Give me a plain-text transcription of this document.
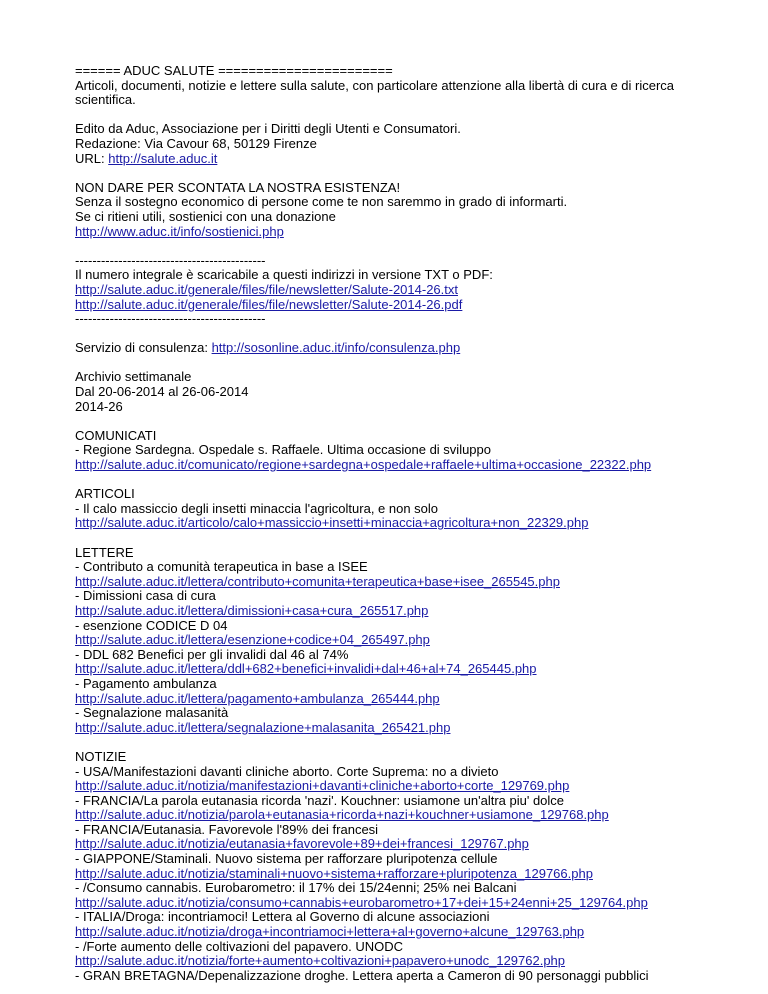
====== ADUC SALUTE =======================
Articoli, documenti, notizie e lettere sulla salute, con particolare attenzione alla libertà di cura e di ricerca scientifica.
Edito da Aduc, Associazione per i Diritti degli Utenti e Consumatori.
Redazione: Via Cavour 68, 50129 Firenze
URL: http://salute.aduc.it
NON DARE PER SCONTATA LA NOSTRA ESISTENZA!
Senza il sostegno economico di persone come te non saremmo in grado di informarti.
Se ci ritieni utili, sostienici con una donazione
http://www.aduc.it/info/sostienici.php
--------------------------------------------
Il numero integrale è scaricabile a questi indirizzi in versione TXT o PDF:
http://salute.aduc.it/generale/files/file/newsletter/Salute-2014-26.txt
http://salute.aduc.it/generale/files/file/newsletter/Salute-2014-26.pdf
--------------------------------------------
Servizio di consulenza: http://sosonline.aduc.it/info/consulenza.php
Archivio settimanale
Dal 20-06-2014 al 26-06-2014
2014-26
COMUNICATI
- Regione Sardegna. Ospedale s. Raffaele. Ultima occasione di sviluppo
http://salute.aduc.it/comunicato/regione+sardegna+ospedale+raffaele+ultima+occasione_22322.php
ARTICOLI
- Il calo massiccio degli insetti minaccia l'agricoltura, e non solo
http://salute.aduc.it/articolo/calo+massiccio+insetti+minaccia+agricoltura+non_22329.php
LETTERE
- Contributo a comunità terapeutica in base a ISEE
http://salute.aduc.it/lettera/contributo+comunita+terapeutica+base+isee_265545.php
- Dimissioni casa di cura
http://salute.aduc.it/lettera/dimissioni+casa+cura_265517.php
- esenzione CODICE D 04
http://salute.aduc.it/lettera/esenzione+codice+04_265497.php
- DDL 682 Benefici per gli invalidi dal 46 al 74%
http://salute.aduc.it/lettera/ddl+682+benefici+invalidi+dal+46+al+74_265445.php
- Pagamento ambulanza
http://salute.aduc.it/lettera/pagamento+ambulanza_265444.php
- Segnalazione malasanità
http://salute.aduc.it/lettera/segnalazione+malasanita_265421.php
NOTIZIE
- USA/Manifestazioni davanti cliniche aborto. Corte Suprema: no a divieto
http://salute.aduc.it/notizia/manifestazioni+davanti+cliniche+aborto+corte_129769.php
- FRANCIA/La parola eutanasia ricorda 'nazi'. Kouchner: usiamone un'altra piu' dolce
http://salute.aduc.it/notizia/parola+eutanasia+ricorda+nazi+kouchner+usiamone_129768.php
- FRANCIA/Eutanasia. Favorevole l'89% dei francesi
http://salute.aduc.it/notizia/eutanasia+favorevole+89+dei+francesi_129767.php
- GIAPPONE/Staminali. Nuovo sistema per rafforzare pluripotenza cellule
http://salute.aduc.it/notizia/staminali+nuovo+sistema+rafforzare+pluripotenza_129766.php
- /Consumo cannabis. Eurobarometro: il 17% dei 15/24enni; 25% nei Balcani
http://salute.aduc.it/notizia/consumo+cannabis+eurobarometro+17+dei+15+24enni+25_129764.php
- ITALIA/Droga: incontriamoci! Lettera al Governo di alcune associazioni
http://salute.aduc.it/notizia/droga+incontriamoci+lettera+al+governo+alcune_129763.php
- /Forte aumento delle coltivazioni del papavero. UNODC
http://salute.aduc.it/notizia/forte+aumento+coltivazioni+papavero+unodc_129762.php
- GRAN BRETAGNA/Depenalizzazione droghe. Lettera aperta a Cameron di 90 personaggi pubblici
